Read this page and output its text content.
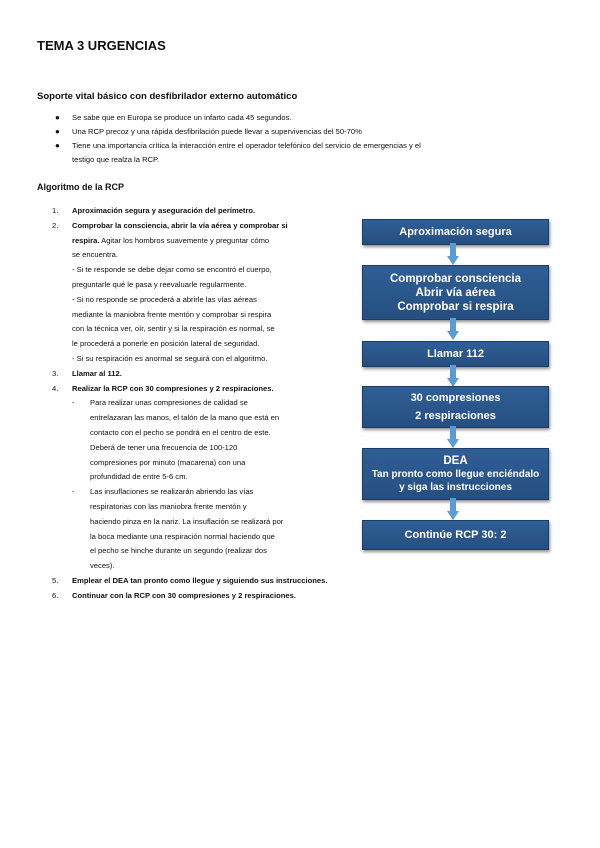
TEMA 3 URGENCIAS
Soporte vital básico con desfibrilador externo automático
● Se sabe que en Europa se produce un infarto cada 45 segundos.
● Una RCP precoz y una rápida desfibrilación puede llevar a supervivencias del 50-70%
● Tiene una importancia crítica la interacción entre el operador telefónico del servicio de emergencias y el
testigo que realza la RCP.
Algoritmo de la RCP
1. Aproximación segura y aseguración del perímetro.
2. Comprobar la consciencia, abrir la vía aérea y comprobar si
respira. Agitar los hombros suavemente y preguntar cómo
se encuentra.
- Si te responde se debe dejar como se encontró el cuerpo,
preguntarle qué le pasa y reevaluarle regularmente.
- Si no responde se procederá a abrirle las vías aéreas
mediante la maniobra frente mentón y comprobar si respira
con la técnica ver, oír, sentir y si la respiración es normal, se
le procederá a ponerle en posición lateral de seguridad.
- Si su respiración es anormal se seguirá con el algoritmo.
3. Llamar al 112.
4. Realizar la RCP con 30 compresiones y 2 respiraciones.
- Para realizar unas compresiones de calidad se
entrelazaran las manos, el talón de la mano que está en
contacto con el pecho se pondrá en el centro de este.
Deberá de tener una frecuencia de 100-120
compresiones por minuto (macarena) con una
profundidad de entre 5-6 cm.
- Las insuflaciones se realizarán abriendo las vías
respiratorias con las maniobra frente mentón y
haciendo pinza en la nariz. La insuflación se realizará por
la boca mediante una respiración normal haciendo que
el pecho se hinche durante un segundo (realizar dos
veces).
5. Emplear el DEA tan pronto como llegue y siguiendo sus instrucciones.
6. Continuar con la RCP con 30 compresiones y 2 respiraciones.
Aproximación segura
Comprobar consciencia
Abrir vía aérea
Comprobar si respira
Llamar 112
30 compresiones
2 respiraciones
DEA
Tan pronto como llegue enciéndalo
y siga las instrucciones
Continúe RCP 30: 2
